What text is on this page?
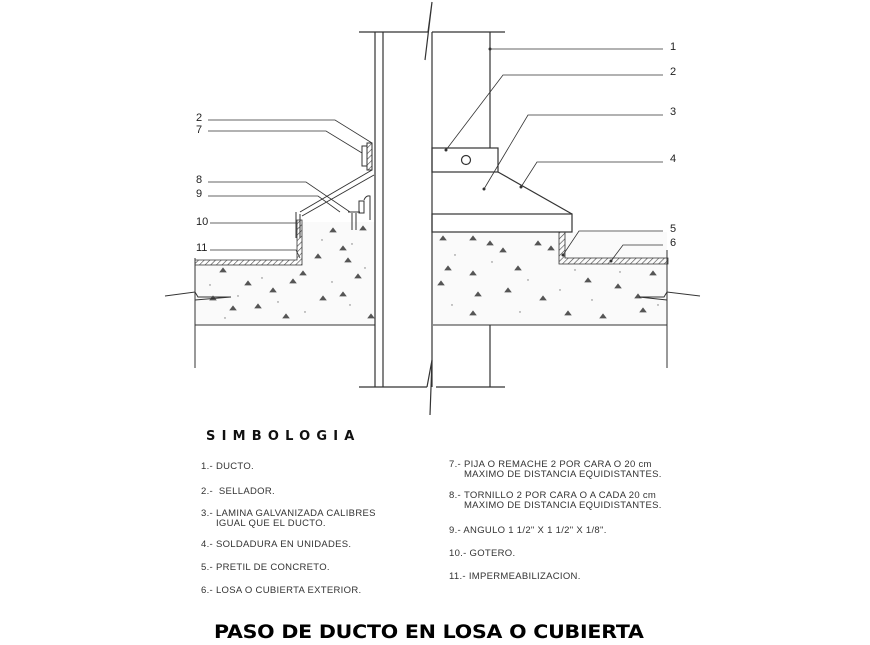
2
7
8
9
10
11
1
2
3
4
5
6
SIMBOLOGIA
1.- DUCTO.
2.-  SELLADOR.
3.- LAMINA GALVANIZADA CALIBRES
IGUAL QUE EL DUCTO.
4.- SOLDADURA EN UNIDADES.
5.- PRETIL DE CONCRETO.
6.- LOSA O CUBIERTA EXTERIOR.
7.- PIJA O REMACHE 2 POR CARA O 20 cm
MAXIMO DE DISTANCIA EQUIDISTANTES.
8.- TORNILLO 2 POR CARA O A CADA 20 cm
MAXIMO DE DISTANCIA EQUIDISTANTES.
9.- ANGULO 1 1/2" X 1 1/2" X 1/8".
10.- GOTERO.
11.- IMPERMEABILIZACION.
PASO DE DUCTO EN LOSA O CUBIERTA
